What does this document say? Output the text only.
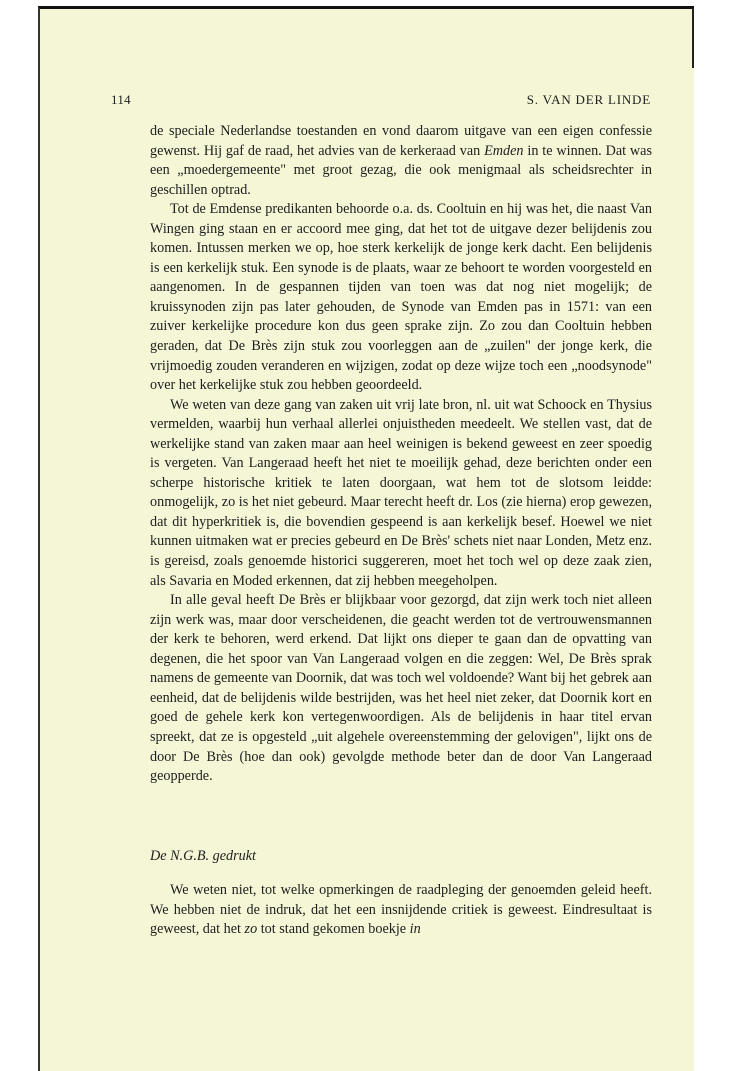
114	S. VAN DER LINDE

de speciale Nederlandse toestanden en vond daarom uitgave van een eigen confessie gewenst. Hij gaf de raad, het advies van de kerkeraad van Emden in te winnen. Dat was een „moedergemeente" met groot gezag, die ook menigmaal als scheidsrechter in geschillen optrad.

Tot de Emdense predikanten behoorde o.a. ds. Cooltuin en hij was het, die naast Van Wingen ging staan en er accoord mee ging, dat het tot de uitgave dezer belijdenis zou komen. Intussen merken we op, hoe sterk kerkelijk de jonge kerk dacht. Een belijdenis is een kerkelijk stuk. Een synode is de plaats, waar ze behoort te worden voorgesteld en aangenomen. In de gespannen tijden van toen was dat nog niet mogelijk; de kruissynoden zijn pas later gehouden, de Synode van Emden pas in 1571: van een zuiver kerkelijke procedure kon dus geen sprake zijn. Zo zou dan Cooltuin hebben geraden, dat De Brès zijn stuk zou voorleggen aan de „zuilen" der jonge kerk, die vrijmoedig zouden veranderen en wijzigen, zodat op deze wijze toch een „noodsynode" over het kerkelijke stuk zou hebben geoordeeld.

We weten van deze gang van zaken uit vrij late bron, nl. uit wat Schoock en Thysius vermelden, waarbij hun verhaal allerlei onjuistheden meedeelt. We stellen vast, dat de werkelijke stand van zaken maar aan heel weinigen is bekend geweest en zeer spoedig is vergeten. Van Langeraad heeft het niet te moeilijk gehad, deze berichten onder een scherpe historische kritiek te laten doorgaan, wat hem tot de slotsom leidde: onmogelijk, zo is het niet gebeurd. Maar terecht heeft dr. Los (zie hierna) erop gewezen, dat dit hyperkritiek is, die bovendien gespeend is aan kerkelijk besef. Hoewel we niet kunnen uitmaken wat er precies gebeurd en De Brès' schets niet naar Londen, Metz enz. is gereisd, zoals genoemde historici suggereren, moet het toch wel op deze zaak zien, als Savaria en Moded erkennen, dat zij hebben meegeholpen.

In alle geval heeft De Brès er blijkbaar voor gezorgd, dat zijn werk toch niet alleen zijn werk was, maar door verscheidenen, die geacht werden tot de vertrouwensmannen der kerk te behoren, werd erkend. Dat lijkt ons dieper te gaan dan de opvatting van degenen, die het spoor van Van Langeraad volgen en die zeggen: Wel, De Brès sprak namens de gemeente van Doornik, dat was toch wel voldoende? Want bij het gebrek aan eenheid, dat de belijdenis wilde bestrijden, was het heel niet zeker, dat Doornik kort en goed de gehele kerk kon vertegenwoordigen. Als de belijdenis in haar titel ervan spreekt, dat ze is opgesteld „uit algehele overeenstemming der gelovigen", lijkt ons de door De Brès (hoe dan ook) gevolgde methode beter dan de door Van Langeraad geopperde.

De N.G.B. gedrukt

We weten niet, tot welke opmerkingen de raadpleging der genoemden geleid heeft. We hebben niet de indruk, dat het een insnijdende critiek is geweest. Eindresultaat is geweest, dat het zo tot stand gekomen boekje in
